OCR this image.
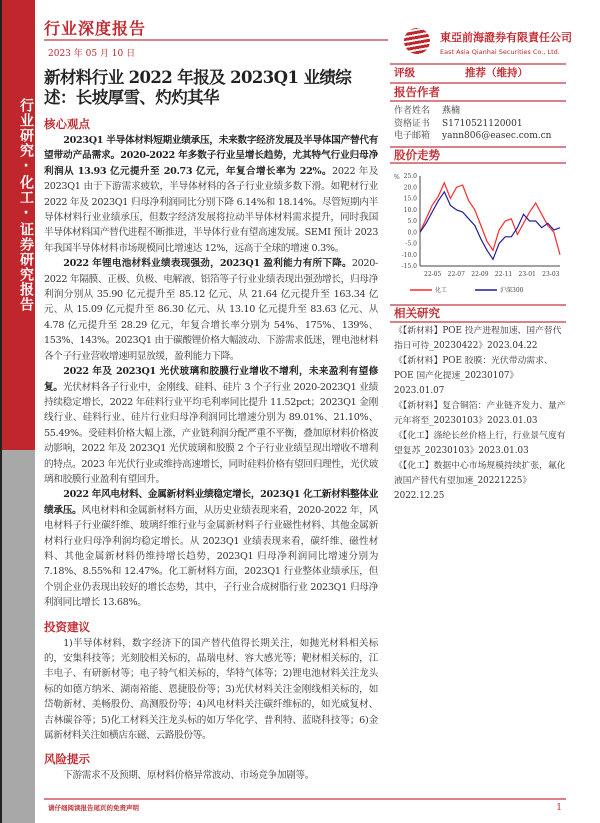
行业研究·化工·证券研究报告
行业深度报告
2023 年 05 月 10 日
東亞前海證券有限責任公司
East Asia Qianhai Securities Co., Ltd.
评级	推荐（维持）
报告作者
作者姓名	燕楠
资格证书	S1710521120001
电子邮箱	yann806@easec.com.cn
股价走势
% 25.0
20.0
15.0
10.0
5.0
0.0
-5.0
-10.0
-15.0
22-05 22-07 22-09 22-11 23-01 23-03
化工	沪深300
相关研究
《【新材料】POE 投产进程加速、国产替代指日可待_20230422》2023.04.22
《【新材料】POE 胶膜：光伏带动需求、POE 国产化提速_20230107》2023.01.07
《【新材料】复合铜箔：产业链齐发力、量产元年将至_20230103》2023.01.03
《【化工】涤纶长丝价格上行，行业景气度有望复苏_20230103》2023.01.03
《【化工】数据中心市场规模持续扩张，氟化液国产替代有望加速_20221225》2022.12.25
新材料行业 2022 年报及 2023Q1 业绩综述：长坡厚雪、灼灼其华
核心观点

2023Q1 半导体材料短期业绩承压，未来数字经济发展及半导体国产替代有望带动产品需求。2020-2022 年多数子行业呈增长趋势，尤其特气行业归母净利润从 13.93 亿元提升至 20.73 亿元，年复合增长率为 22%。2022 年及 2023Q1 由于下游需求疲软，半导体材料的各子行业业绩多数下滑。如靶材行业 2022 年及 2023Q1 归母净利润同比分别下降 6.14%和 18.14%。尽管短期内半导体材料行业业绩承压，但数字经济发展将拉动半导体材料需求提升，同时我国半导体材料国产替代进程不断推进，半导体行业有望高速发展。SEMI 预计 2023 年我国半导体材料市场规模同比增速达 12%，远高于全球的增速 0.3%。

2022 年锂电池材料业绩表现强劲，2023Q1 盈利能力有所下降。2020-2022 年隔膜、正极、负极、电解液、铝箔等子行业业绩表现出强劲增长，归母净利润分别从 35.90 亿元提升至 85.12 亿元、从 21.64 亿元提升至 163.34 亿元、从 15.09 亿元提升至 86.30 亿元、从 13.10 亿元提升至 83.63 亿元、从 4.78 亿元提升至 28.29 亿元，年复合增长率分别为 54%、175%、139%、153%、143%。2023Q1 由于碳酸锂价格大幅波动、下游需求低迷，锂电池材料各个子行业营收增速明显放缓，盈利能力下降。

2022 年及 2023Q1 光伏玻璃和胶膜行业增收不增利，未来盈利有望修复。光伏材料各子行业中，金刚线、硅料、硅片 3 个子行业 2020-2023Q1 业绩持续稳定增长，2022 年硅料行业平均毛利率同比提升 11.52pct；2023Q1 金刚线行业、硅料行业、硅片行业归母净利润同比增速分别为 89.01%、21.10%、55.49%。受硅料价格大幅上涨，产业链利润分配严重不平衡，叠加原材料价格波动影响，2022 年及 2023Q1 光伏玻璃和胶膜 2 个子行业业绩呈现出增收不增利的特点。2023 年光伏行业或维持高速增长，同时硅料价格有望回归理性，光伏玻璃和胶膜行业盈利有望回升。

2022 年风电材料、金属新材料业绩稳定增长，2023Q1 化工新材料整体业绩承压。风电材料和金属新材料方面，从历史业绩表现来看，2020-2022 年，风电材料子行业碳纤维、玻璃纤维行业与金属新材料子行业磁性材料、其他金属新材料行业归母净利润均稳定增长。从 2023Q1 业绩表现来看，碳纤维、磁性材料、其他金属新材料仍维持增长趋势，2023Q1 归母净利润同比增速分别为 7.18%、8.55%和 12.47%。化工新材料方面，2023Q1 行业整体业绩承压，但个别企业仍表现出较好的增长态势，其中，子行业合成树脂行业 2023Q1 归母净利润同比增长 13.68%。

投资建议

1)半导体材料，数字经济下的国产替代值得长期关注，如抛光材料相关标的，安集科技等；光刻胶相关标的，晶瑞电材、容大感光等；靶材相关标的，江丰电子、有研新材等；电子特气相关标的，华特气体等；2)锂电池材料关注龙头标的如德方纳米、湖南裕能、恩捷股份等；3)光伏材料关注金刚线相关标的，如岱勒新材、美畅股份、高测股份等；4)风电材料关注碳纤维标的，如光威复材、吉林碳谷等；5)化工材料关注龙头标的如万华化学、普利特、蓝晓科技等；6)金属新材料关注如横店东磁、云路股份等。

风险提示

下游需求不及预期、原材料价格异常波动、市场竞争加剧等。

请仔细阅读报告尾页的免责声明	1
